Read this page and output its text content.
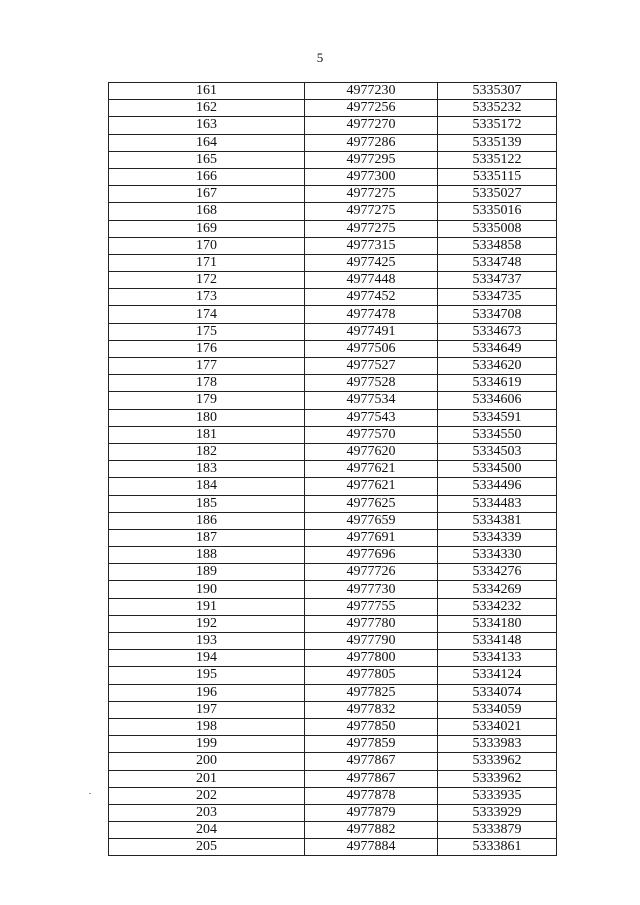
5
161	4977230	5335307
162	4977256	5335232
163	4977270	5335172
164	4977286	5335139
165	4977295	5335122
166	4977300	5335115
167	4977275	5335027
168	4977275	5335016
169	4977275	5335008
170	4977315	5334858
171	4977425	5334748
172	4977448	5334737
173	4977452	5334735
174	4977478	5334708
175	4977491	5334673
176	4977506	5334649
177	4977527	5334620
178	4977528	5334619
179	4977534	5334606
180	4977543	5334591
181	4977570	5334550
182	4977620	5334503
183	4977621	5334500
184	4977621	5334496
185	4977625	5334483
186	4977659	5334381
187	4977691	5334339
188	4977696	5334330
189	4977726	5334276
190	4977730	5334269
191	4977755	5334232
192	4977780	5334180
193	4977790	5334148
194	4977800	5334133
195	4977805	5334124
196	4977825	5334074
197	4977832	5334059
198	4977850	5334021
199	4977859	5333983
200	4977867	5333962
201	4977867	5333962
202	4977878	5333935
203	4977879	5333929
204	4977882	5333879
205	4977884	5333861
